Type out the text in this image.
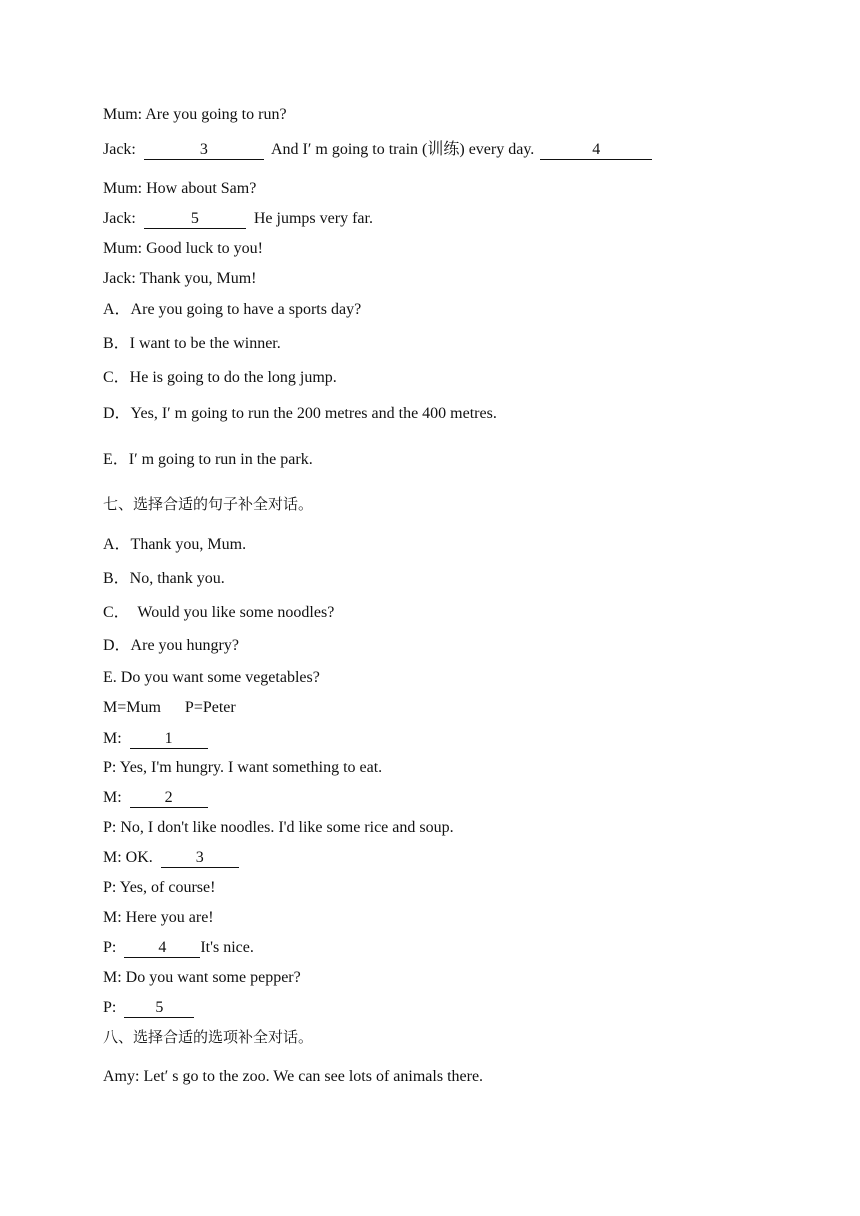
Mum: Are you going to run?
Jack:	3	And I′ m going to train (训练) every day.	4
Mum: How about Sam?
Jack:	5	He jumps very far.
Mum: Good luck to you!
Jack: Thank you, Mum!
A．Are you going to have a sports day?
B．I want to be the winner.
C．He is going to do the long jump.
D．Yes, I′ m going to run the 200 metres and the 400 metres.
E．I′ m going to run in the park.
七、选择合适的句子补全对话。
A．Thank you, Mum.
B．No, thank you.
C．  Would you like some noodles?
D．Are you hungry?
E. Do you want some vegetables?
M=Mum      P=Peter
M:  1
P: Yes, I'm hungry. I want something to eat.
M:  2
P: No, I don't like noodles. I'd like some rice and soup.
M: OK.  3
P: Yes, of course!
M: Here you are!
P:  4 It's nice.
M: Do you want some pepper?
P:  5
八、选择合适的选项补全对话。
Amy: Let′ s go to the zoo. We can see lots of animals there.
